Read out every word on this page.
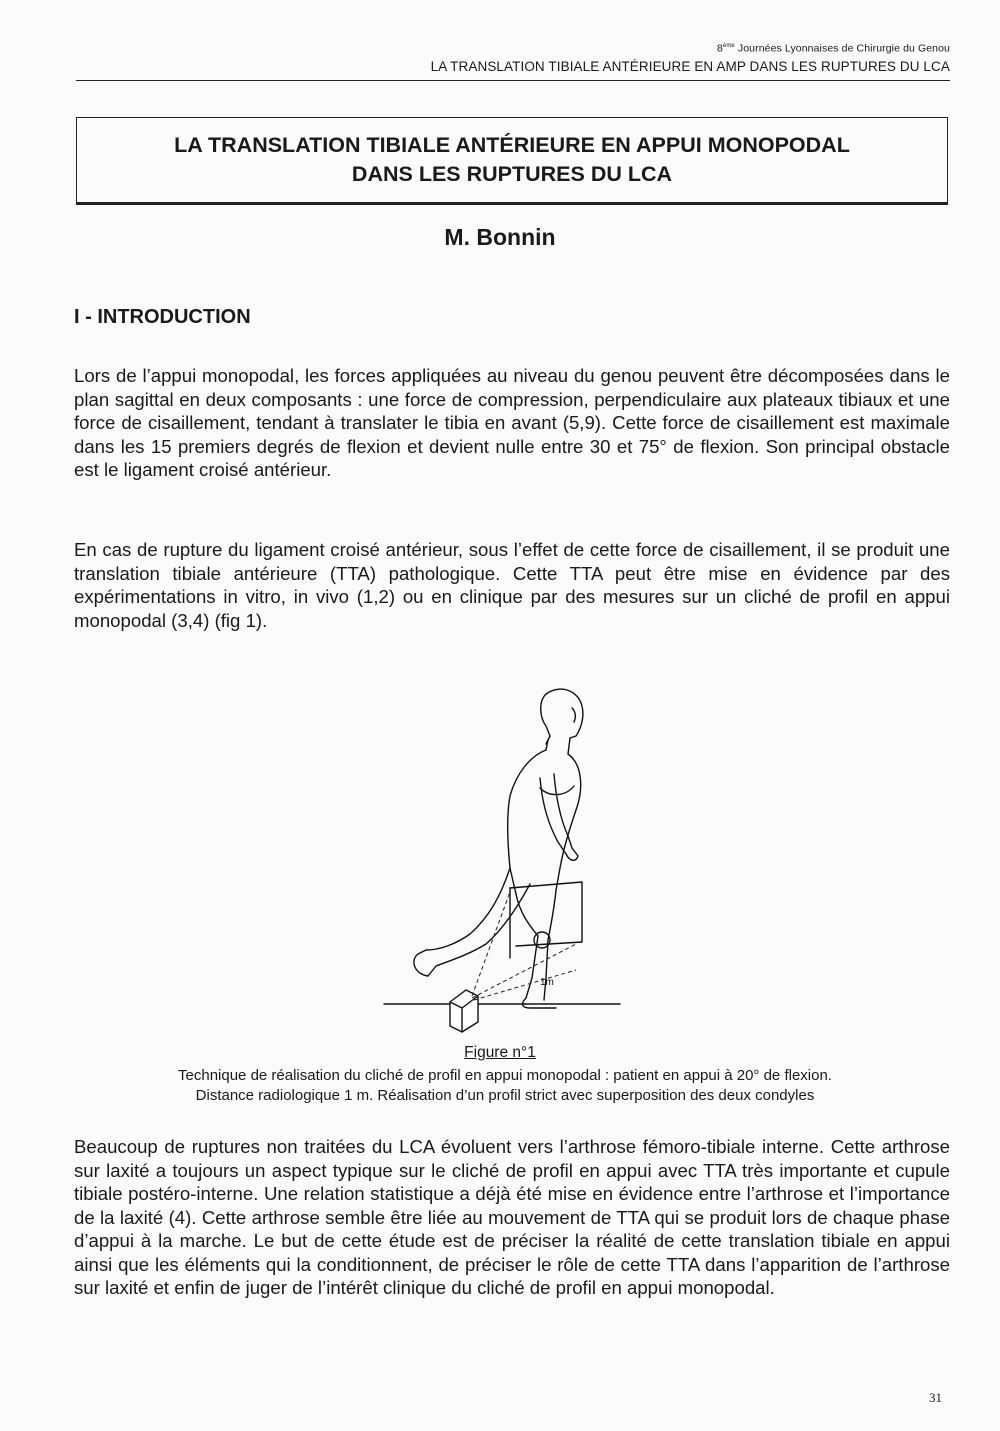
8ème Journées Lyonnaises de Chirurgie du Genou
LA TRANSLATION TIBIALE ANTÉRIEURE EN AMP DANS LES RUPTURES DU LCA
LA TRANSLATION TIBIALE ANTÉRIEURE EN APPUI MONOPODAL
DANS LES RUPTURES DU LCA
M. Bonnin
I - INTRODUCTION

Lors de l’appui monopodal, les forces appliquées au niveau du genou peuvent être décomposées dans le plan sagittal en deux composants : une force de compression, perpendiculaire aux plateaux tibiaux et une force de cisaillement, tendant à translater le tibia en avant (5,9). Cette force de cisaillement est maximale dans les 15 premiers degrés de flexion et devient nulle entre 30 et 75° de flexion. Son principal obstacle est le ligament croisé antérieur.

En cas de rupture du ligament croisé antérieur, sous l’effet de cette force de cisaillement, il se produit une translation tibiale antérieure (TTA) pathologique. Cette TTA peut être mise en évidence par des expérimentations in vitro, in vivo (1,2) ou en clinique par des mesures sur un cliché de profil en appui monopodal (3,4) (fig 1).

1m
Figure n°1
Technique de réalisation du cliché de profil en appui monopodal : patient en appui à 20° de flexion.
Distance radiologique 1 m. Réalisation d’un profil strict avec superposition des deux condyles

Beaucoup de ruptures non traitées du LCA évoluent vers l’arthrose fémoro-tibiale interne. Cette arthrose sur laxité a toujours un aspect typique sur le cliché de profil en appui avec TTA très importante et cupule tibiale postéro-interne. Une relation statistique a déjà été mise en évidence entre l’arthrose et l’importance de la laxité (4). Cette arthrose semble être liée au mouvement de TTA qui se produit lors de chaque phase d’appui à la marche. Le but de cette étude est de préciser la réalité de cette translation tibiale en appui ainsi que les éléments qui la conditionnent, de préciser le rôle de cette TTA dans l’apparition de l’arthrose sur laxité et enfin de juger de l’intérêt clinique du cliché de profil en appui monopodal.

31
